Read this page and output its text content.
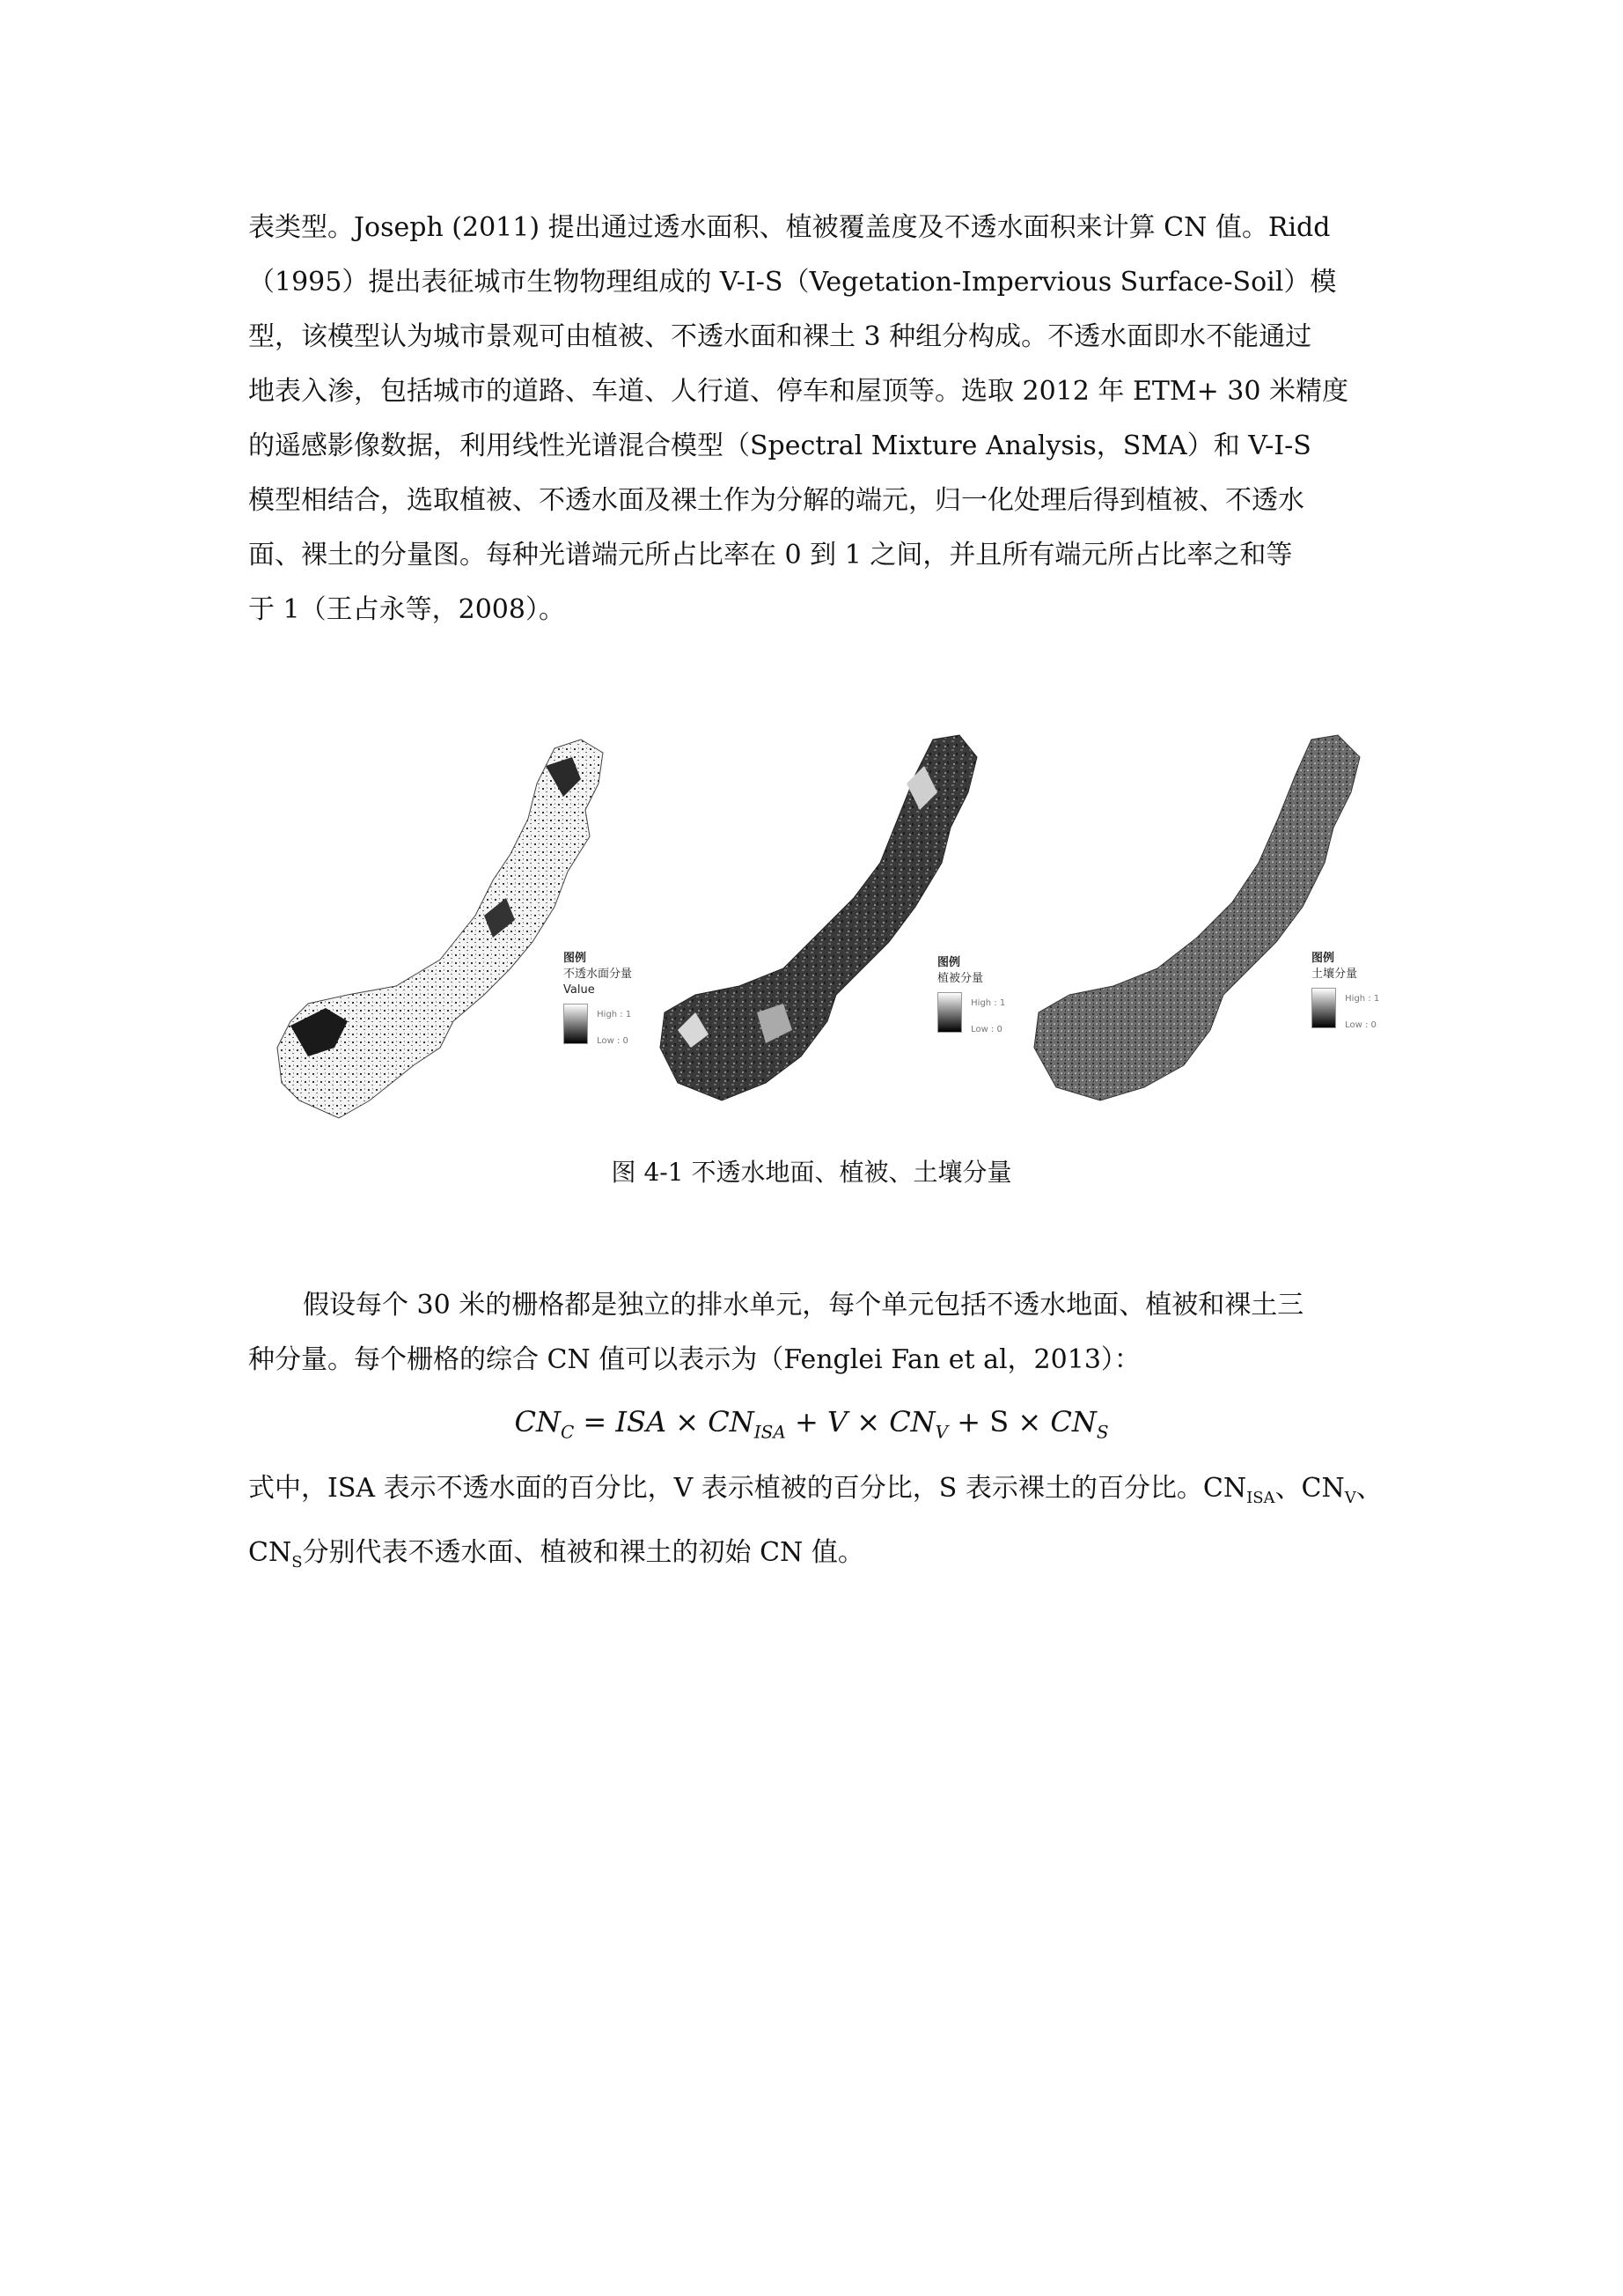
表类型。Joseph (2011) 提出通过透水面积、植被覆盖度及不透水面积来计算 CN 值。Ridd
（1995）提出表征城市生物物理组成的 V-I-S（Vegetation-Impervious Surface-Soil）模
型，该模型认为城市景观可由植被、不透水面和裸土 3 种组分构成。不透水面即水不能通过
地表入渗，包括城市的道路、车道、人行道、停车和屋顶等。选取 2012 年 ETM+ 30 米精度
的遥感影像数据，利用线性光谱混合模型（Spectral Mixture Analysis，SMA）和 V-I-S
模型相结合，选取植被、不透水面及裸土作为分解的端元，归一化处理后得到植被、不透水
面、裸土的分量图。每种光谱端元所占比率在 0 到 1 之间，并且所有端元所占比率之和等
于 1（王占永等，2008）。
图例
不透水面分量
Value

High : 1
Low : 0
图例
植被分量

High : 1
Low : 0
图例
土壤分量

High : 1
Low : 0
图 4-1 不透水地面、植被、土壤分量
假设每个 30 米的栅格都是独立的排水单元，每个单元包括不透水地面、植被和裸土三
种分量。每个栅格的综合 CN 值可以表示为（Fenglei Fan et al，2013）：
$CN_C$ = ISA × $CN_{ISA} + V \times CN_V + S \times CN_S$
式中，ISA 表示不透水面的百分比，V 表示植被的百分比，S 表示裸土的百分比。$CN_{ISA}$、$CN_V$、
$CN_S$分别代表不透水面、植被和裸土的初始 CN 值。
